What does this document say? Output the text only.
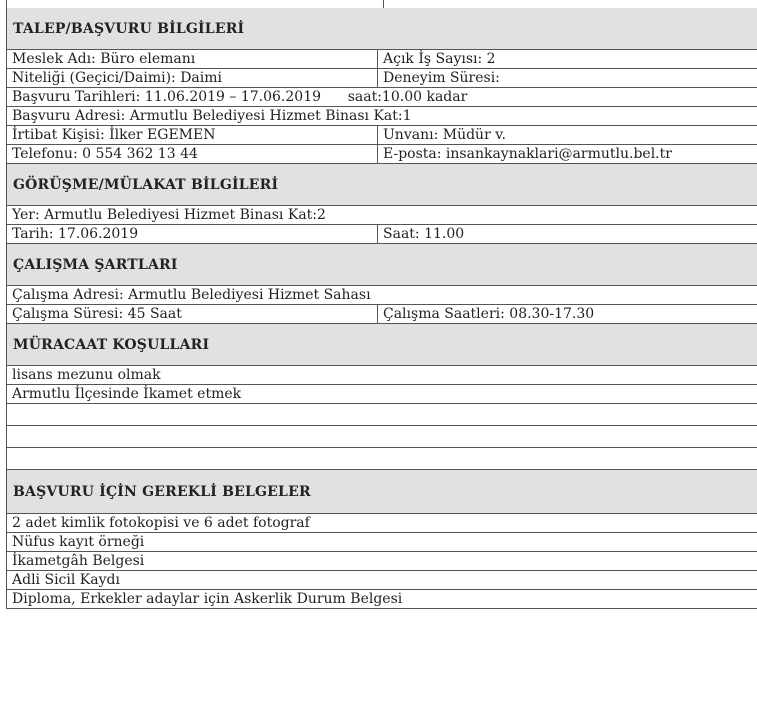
TALEP/BAŞVURU BİLGİLERİ
Meslek Adı: Büro elemanı	Açık İş Sayısı: 2
Niteliği (Geçici/Daimi): Daimi	Deneyim Süresi:
Başvuru Tarihleri: 11.06.2019 – 17.06.2019      saat:10.00 kadar
Başvuru Adresi: Armutlu Belediyesi Hizmet Binası Kat:1
İrtibat Kişisi: İlker EGEMEN	Unvanı: Müdür v.
Telefonu: 0 554 362 13 44	E-posta: insankaynaklari@armutlu.bel.tr
GÖRÜŞME/MÜLAKAT BİLGİLERİ
Yer: Armutlu Belediyesi Hizmet Binası Kat:2
Tarih: 17.06.2019	Saat: 11.00
ÇALIŞMA ŞARTLARI
Çalışma Adresi: Armutlu Belediyesi Hizmet Sahası
Çalışma Süresi: 45 Saat	Çalışma Saatleri: 08.30-17.30
MÜRACAAT KOŞULLARI
lisans mezunu olmak
Armutlu İlçesinde İkamet etmek
BAŞVURU İÇİN GEREKLİ BELGELER
2 adet kimlik fotokopisi ve 6 adet fotograf
Nüfus kayıt örneği
İkametgâh Belgesi
Adli Sicil Kaydı
Diploma, Erkekler adaylar için Askerlik Durum Belgesi
